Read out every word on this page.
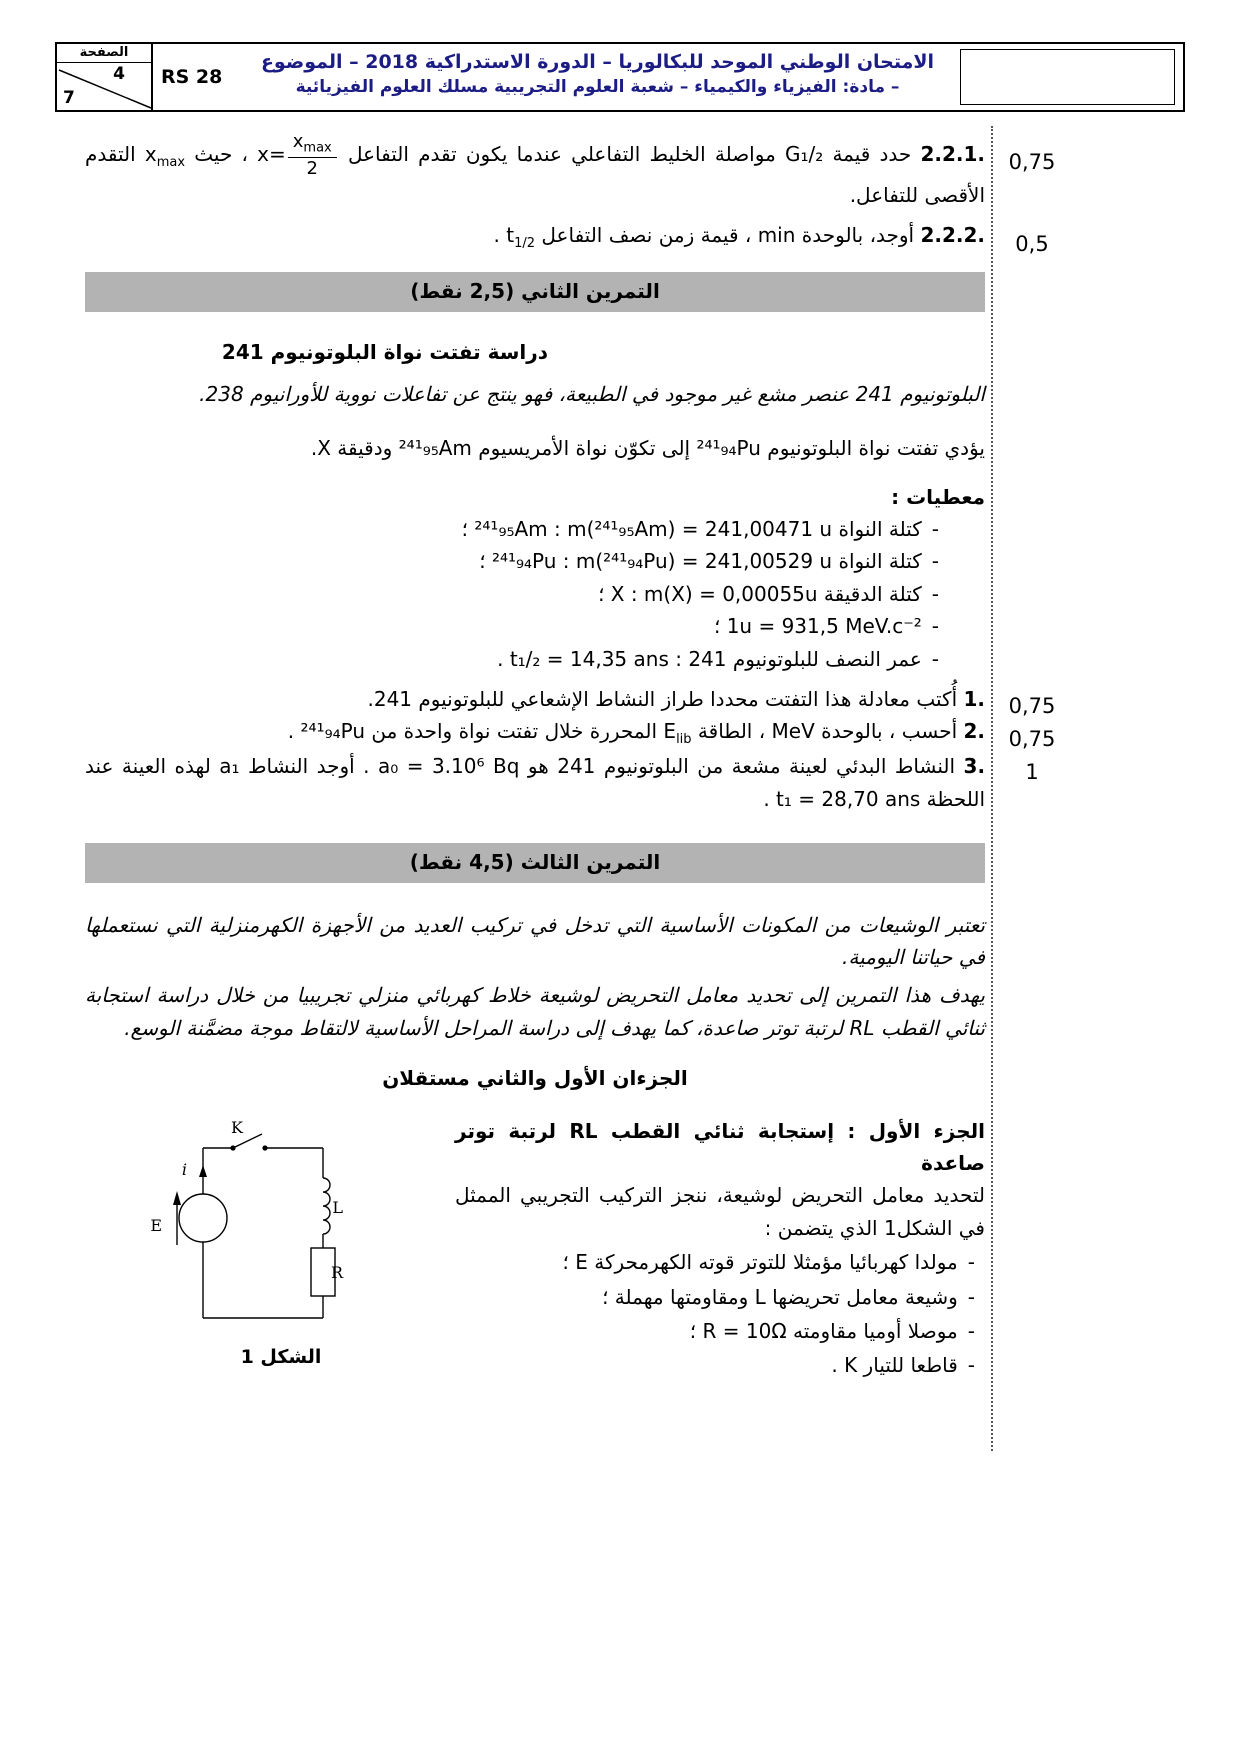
الصفحة
4
7
RS 28
الامتحان الوطني الموحد للبكالوريا – الدورة الاستدراكية 2018 – الموضوع
– مادة: الفيزياء والكيمياء – شعبة العلوم التجريبية مسلك العلوم الفيزيائية
0,75
0,5
0,75
0,75
1

2.2.1. حدد قيمة G₁/₂ مواصلة الخليط التفاعلي عندما يكون تقدم التفاعل $x= \frac{x_{max}}{2}$
، حيث $x_{max}$ التقدم الأقصى للتفاعل.

2.2.2. أوجد، بالوحدة min ، قيمة زمن نصف التفاعل $t_{1/2}$ .

التمرين الثاني (2,5 نقط)

دراسة تفتت نواة البلوتونيوم 241

البلوتونيوم 241 عنصر مشع غير موجود في الطبيعة، فهو ينتج عن تفاعلات نووية للأورانيوم 238.

يؤدي تفتت نواة البلوتونيوم ²⁴¹₉₄Pu إلى تكوّن نواة الأمريسيوم ²⁴¹₉₅Am ودقيقة X.

معطيات :

-كتلة النواة ²⁴¹₉₅Am : m(²⁴¹₉₅Am) = 241,00471 u ؛

-كتلة النواة ²⁴¹₉₄Pu : m(²⁴¹₉₄Pu) = 241,00529 u ؛

-كتلة الدقيقة X : m(X) = 0,00055u ؛

-1u = 931,5 MeV.c⁻² ؛

-عمر النصف للبلوتونيوم 241 : t₁/₂ = 14,35 ans .

1. أُكتب معادلة هذا التفتت محددا طراز النشاط الإشعاعي للبلوتونيوم 241.

2. أحسب ، بالوحدة MeV ، الطاقة $E_{lib}$ المحررة خلال تفتت نواة واحدة من ²⁴¹₉₄Pu .

3. النشاط البدئي لعينة مشعة من البلوتونيوم 241 هو a₀ = 3.10⁶ Bq . أوجد النشاط a₁ لهذه العينة عند اللحظة t₁ = 28,70 ans .

التمرين الثالث (4,5 نقط)

تعتبر الوشيعات من المكونات الأساسية التي تدخل في تركيب العديد من الأجهزة الكهرمنزلية التي نستعملها في حياتنا اليومية.

يهدف هذا التمرين إلى تحديد معامل التحريض لوشيعة خلاط كهربائي منزلي تجريبيا من خلال دراسة استجابة ثنائي القطب RL لرتبة توتر صاعدة، كما يهدف إلى دراسة المراحل الأساسية لالتقاط موجة مضمَّنة الوسع.

الجزءان الأول والثاني مستقلان

K
i
E
L
R
الشكل 1

الجزء الأول : إستجابة ثنائي القطب RL لرتبة توتر صاعدة

لتحديد معامل التحريض لوشيعة، ننجز التركيب التجريبي الممثل في الشكل1 الذي يتضمن :

-مولدا كهربائيا مؤمثلا للتوتر قوته الكهرمحركة E ؛

-وشيعة معامل تحريضها L ومقاومتها مهملة ؛

-موصلا أوميا مقاومته R = 10Ω ؛

-قاطعا للتيار K .
